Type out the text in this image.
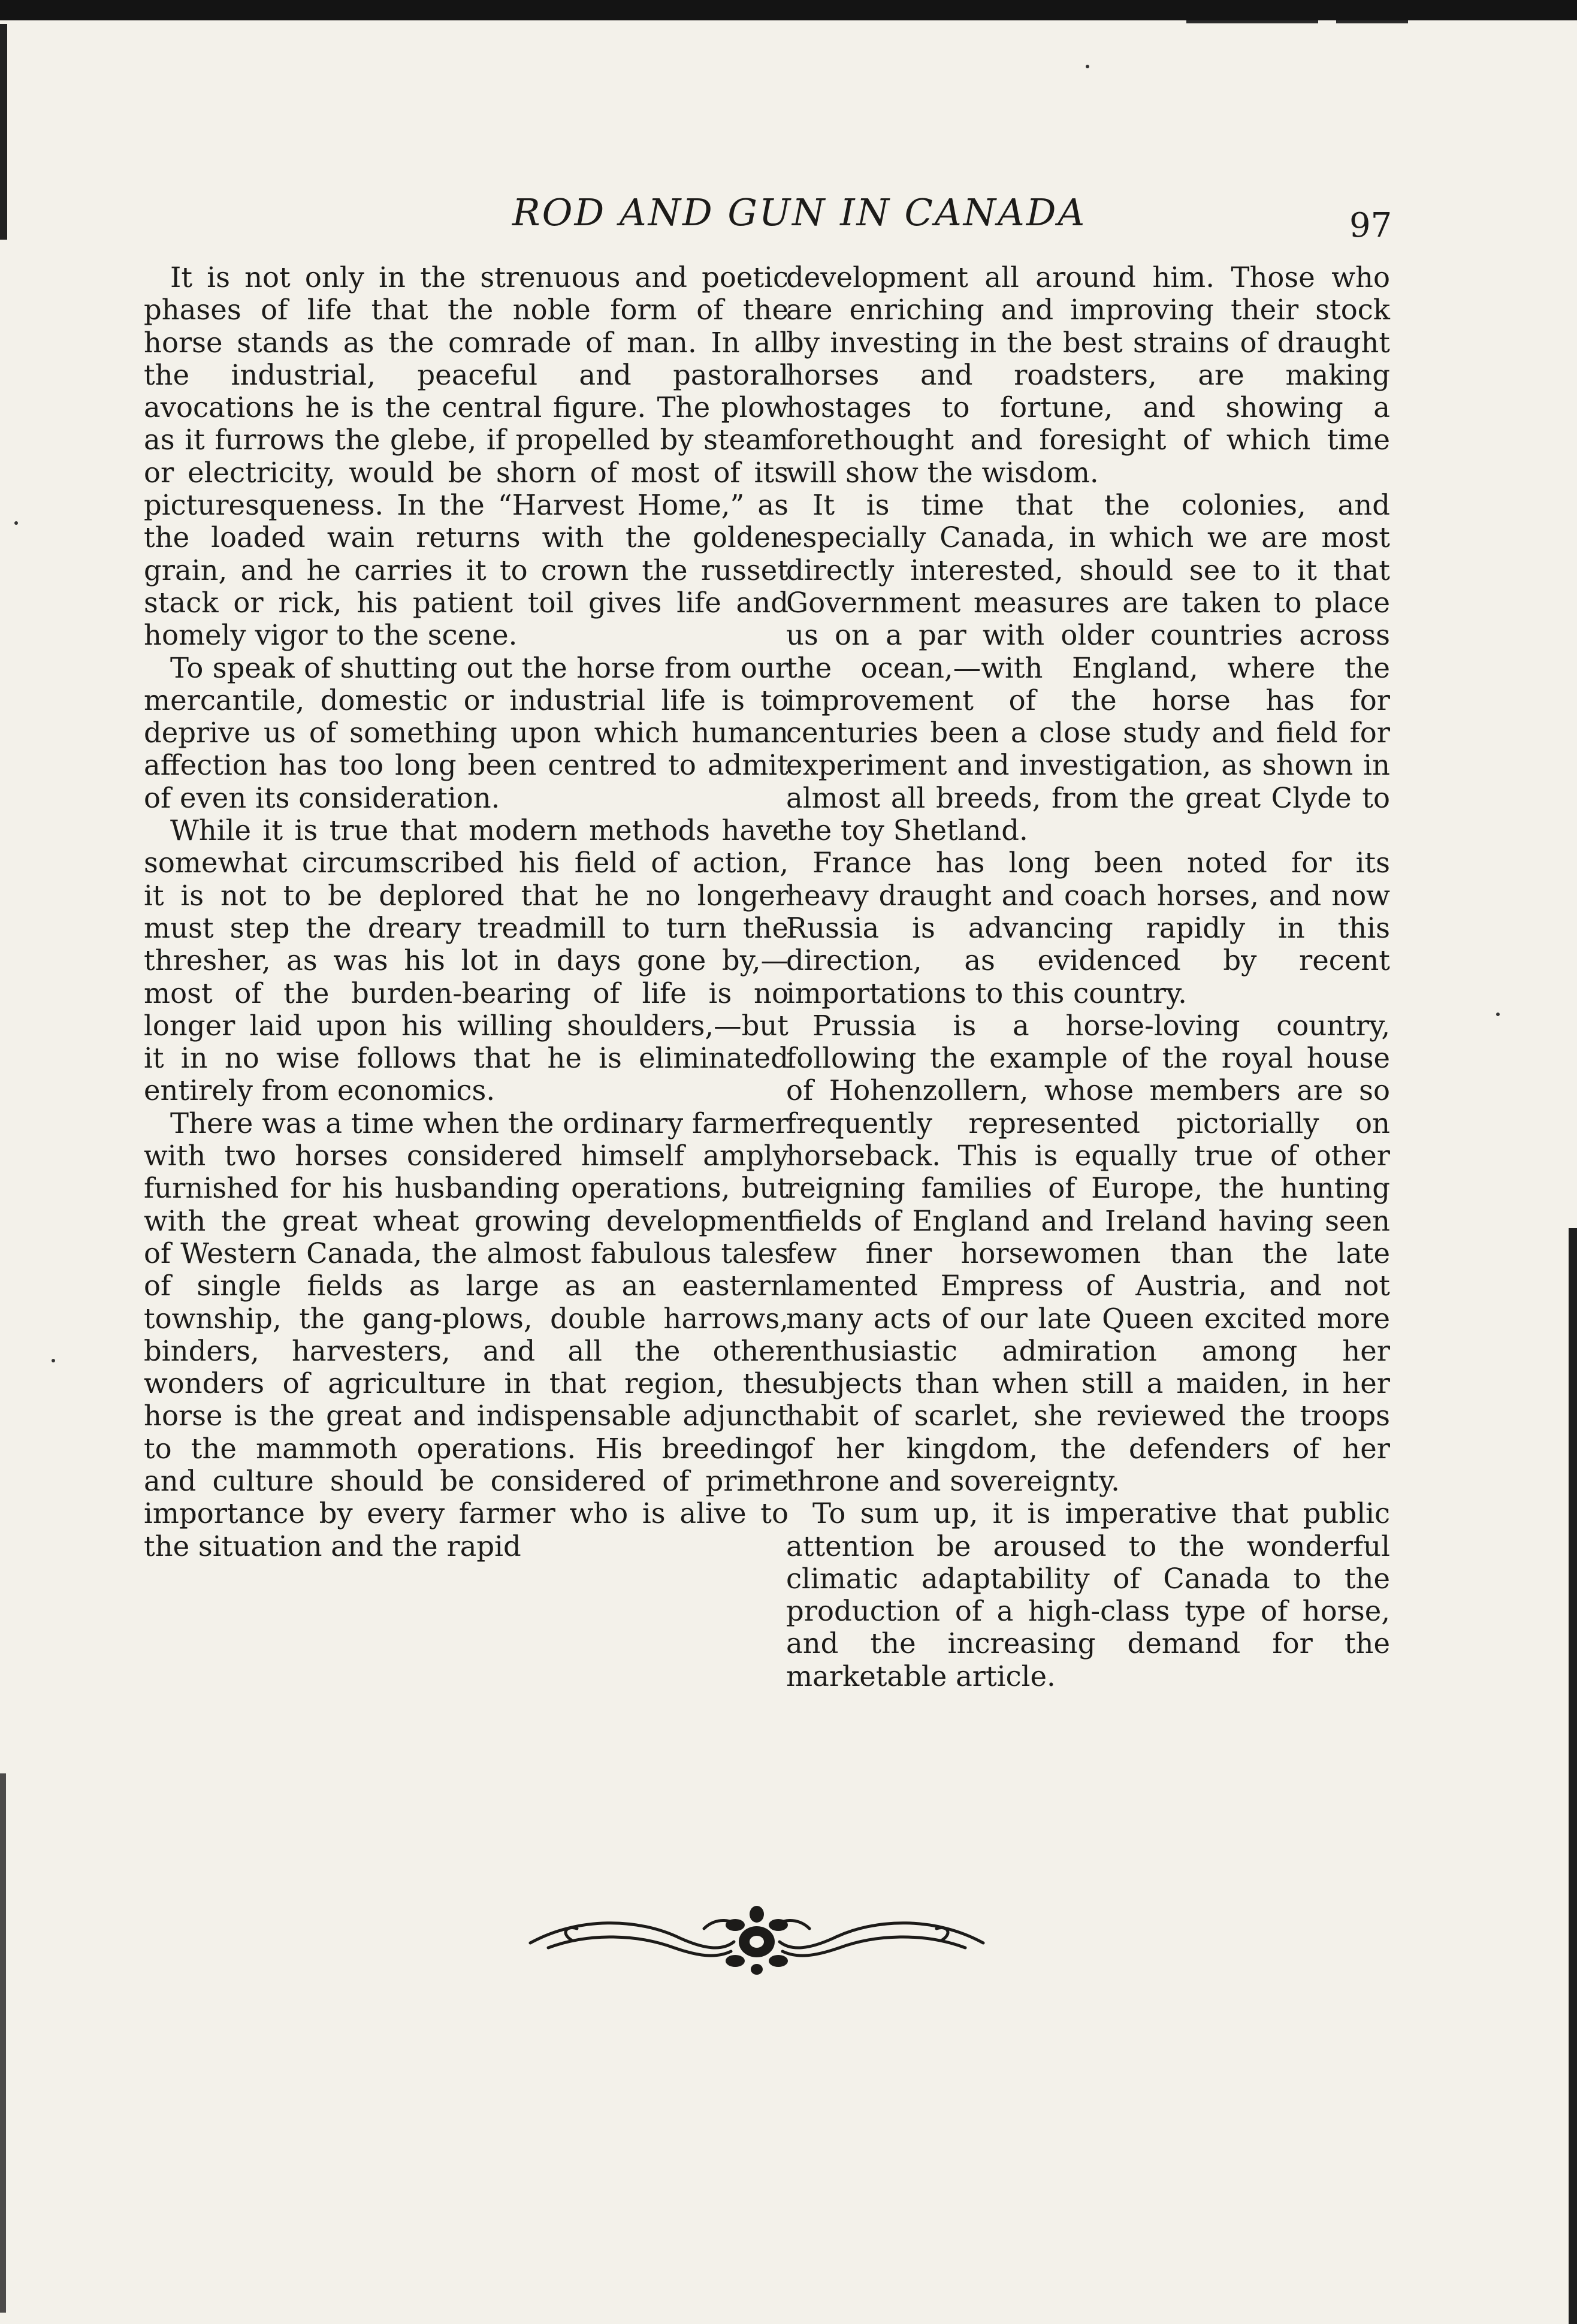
ROD AND GUN IN CANADA	97

It is not only in the strenuous and poetic phases of life that the noble form of the horse stands as the comrade of man. In all the industrial, peaceful and pastoral avocations he is the central figure. The plow as it furrows the glebe, if propelled by steam or electricity, would be shorn of most of its picturesqueness. In the “Harvest Home,” as the loaded wain returns with the golden grain, and he carries it to crown the russet stack or rick, his patient toil gives life and homely vigor to the scene.

To speak of shutting out the horse from our mercantile, domestic or industrial life is to deprive us of something upon which human affection has too long been centred to admit of even its consideration.

While it is true that modern methods have somewhat circumscribed his field of action, it is not to be deplored that he no longer must step the dreary treadmill to turn the thresher, as was his lot in days gone by,—most of the burden-bearing of life is no longer laid upon his willing shoulders,—but it in no wise follows that he is eliminated entirely from economics.

There was a time when the ordinary farmer with two horses considered himself amply furnished for his husbanding operations, but with the great wheat growing development of Western Canada, the almost fabulous tales of single fields as large as an eastern township, the gang-plows, double harrows, binders, harvesters, and all the other wonders of agriculture in that region, the horse is the great and indispensable adjunct to the mammoth operations. His breeding and culture should be considered of prime importance by every farmer who is alive to the situation and the rapid

development all around him. Those who are enriching and improving their stock by investing in the best strains of draught horses and roadsters, are making hostages to fortune, and showing a forethought and foresight of which time will show the wisdom.

It is time that the colonies, and especially Canada, in which we are most directly interested, should see to it that Government measures are taken to place us on a par with older countries across the ocean,—with England, where the improvement of the horse has for centuries been a close study and field for experiment and investigation, as shown in almost all breeds, from the great Clyde to the toy Shetland.

France has long been noted for its heavy draught and coach horses, and now Russia is advancing rapidly in this direction, as evidenced by recent importations to this country.

Prussia is a horse-loving country, following the example of the royal house of Hohenzollern, whose members are so frequently represented pictorially on horseback. This is equally true of other reigning families of Europe, the hunting fields of England and Ireland having seen few finer horsewomen than the late lamented Empress of Austria, and not many acts of our late Queen excited more enthusiastic admiration among her subjects than when still a maiden, in her habit of scarlet, she reviewed the troops of her kingdom, the defenders of her throne and sovereignty.

To sum up, it is imperative that public attention be aroused to the wonderful climatic adaptability of Canada to the production of a high-class type of horse, and the increasing demand for the marketable article.
